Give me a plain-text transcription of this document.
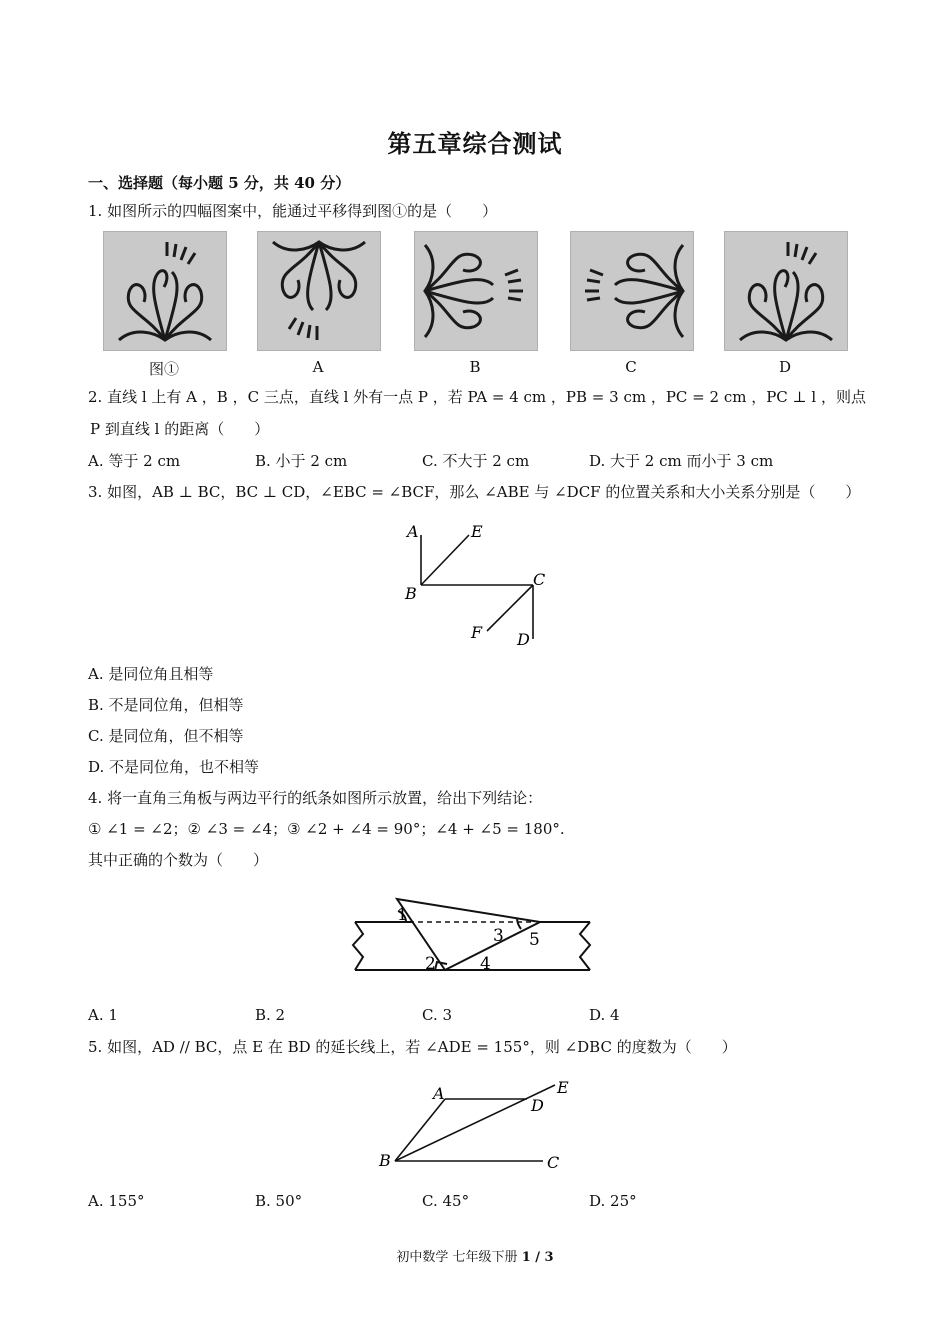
第五章综合测试
一、选择题（每小题 5 分，共 40 分）
1. 如图所示的四幅图案中，能通过平移得到图①的是（　　）
图①	A	B	C	D
2. 直线 l 上有 A ，B ，C 三点，直线 l 外有一点 P ，若 PA = 4 cm ，PB = 3 cm ，PC = 2 cm ，PC ⊥ l ，则点
P 到直线 l 的距离（　　）
A. 等于 2 cm	B. 小于 2 cm	C. 不大于 2 cm	D. 大于 2 cm 而小于 3 cm
3. 如图，AB ⊥ BC，BC ⊥ CD，∠EBC = ∠BCF，那么 ∠ABE 与 ∠DCF 的位置关系和大小关系分别是（　　）
A	E
B
C
F D
A. 是同位角且相等
B. 不是同位角，但相等
C. 是同位角，但不相等
D. 不是同位角，也不相等
4. 将一直角三角板与两边平行的纸条如图所示放置，给出下列结论：
① ∠1 = ∠2；② ∠3 = ∠4；③ ∠2 + ∠4 = 90°；∠4 + ∠5 = 180°.
其中正确的个数为（　　）
1
2
3
4
5
A. 1	B. 2	C. 3	D. 4
5. 如图，AD // BC，点 E 在 BD 的延长线上，若 ∠ADE = 155°，则 ∠DBC 的度数为（　　）
A	E
D
B	C
A. 155°	B. 50°	C. 45°	D. 25°
初中数学 七年级下册 1 / 3
